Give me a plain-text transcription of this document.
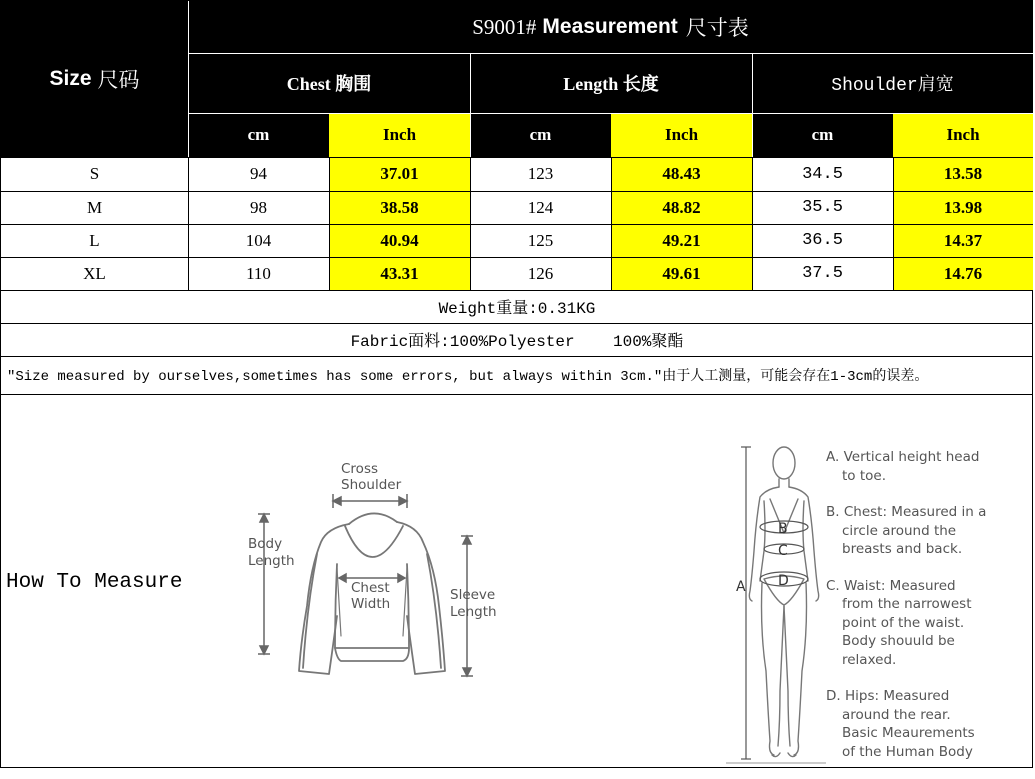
Size 尺码
S9001# Measurement 尺寸表
Chest 胸围	Length 长度	Shoulder肩宽
cm	Inch	cm	Inch	cm	Inch
S	94	37.01	123	48.43	34.5	13.58
M	98	38.58	124	48.82	35.5	13.98
L	104	40.94	125	49.21	36.5	14.37
XL	110	43.31	126	49.61	37.5	14.76
Weight重量:0.31KG
Fabric面料:100%Polyester    100%聚酯
"Size measured by ourselves,sometimes has some errors, but always within 3cm."由于人工测量，可能会存在1-3cm的误差。
How To Measure
Cross
Shoulder
Body
Length
Chest
Width
Sleeve
Length
B
C
D
A
A. Vertical height head
to toe.
B. Chest: Measured in a
circle around the
breasts and back.
C. Waist: Measured
from the narrowest
point of the waist.
Body shouuld be
relaxed.
D. Hips: Measured
around the rear.
Basic Meaurements
of the Human Body
